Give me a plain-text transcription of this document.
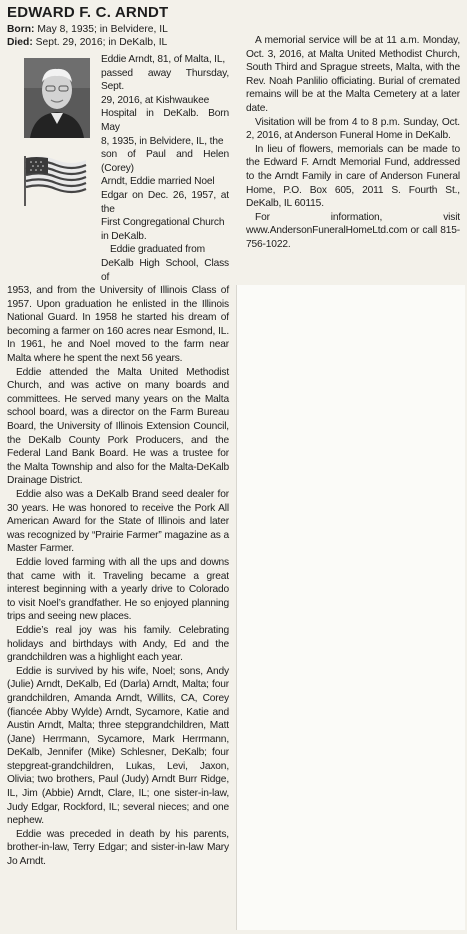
EDWARD F. C. ARNDT
Born: May 8, 1935; in Belvidere, IL
Died: Sept. 29, 2016; in DeKalb, IL

Eddie Arndt, 81, of Malta, IL,

passed away Thursday, Sept.

29, 2016, at Kishwaukee

Hospital in DeKalb. Born May

8, 1935, in Belvidere, IL, the

son of Paul and Helen (Corey)

Arndt, Eddie married Noel

Edgar on Dec. 26, 1957, at the

First Congregational Church

in DeKalb.

Eddie graduated from

DeKalb High School, Class of

1953, and from the University of Illinois Class of 1957. Upon graduation he enlisted in the Illinois National Guard. In 1958 he started his dream of becoming a farmer on 160 acres near Esmond, IL. In 1961, he and Noel moved to the farm near Malta where he spent the next 56 years.

Eddie attended the Malta United Methodist Church, and was active on many boards and committees. He served many years on the Malta school board, was a director on the Farm Bureau Board, the University of Illinois Extension Council, the DeKalb County Pork Producers, and the Federal Land Bank Board. He was a trustee for the Malta Township and also for the Malta-DeKalb Drainage District.

Eddie also was a DeKalb Brand seed dealer for 30 years. He was honored to receive the Pork All American Award for the State of Illinois and later was recognized by “Prairie Farmer” magazine as a Master Farmer.

Eddie loved farming with all the ups and downs that came with it. Traveling became a great interest beginning with a yearly drive to Colorado to visit Noel’s grandfather. He so enjoyed planning trips and seeing new places.

Eddie’s real joy was his family. Celebrating holidays and birthdays with Andy, Ed and the grandchildren was a highlight each year.

Eddie is survived by his wife, Noel; sons, Andy (Julie) Arndt, DeKalb, Ed (Darla) Arndt, Malta; four grandchildren, Amanda Arndt, Willits, CA, Corey (fiancée Abby Wylde) Arndt, Sycamore, Katie and Austin Arndt, Malta; three stepgrandchildren, Matt (Jane) Herrmann, Sycamore, Mark Herrmann, DeKalb, Jennifer (Mike) Schlesner, DeKalb; four stepgreat-grandchildren, Lukas, Levi, Jaxon, Olivia; two brothers, Paul (Judy) Arndt Burr Ridge, IL, Jim (Abbie) Arndt, Clare, IL; one sister-in-law, Judy Edgar, Rockford, IL; several nieces; and one nephew.

Eddie was preceded in death by his parents, brother-in-law, Terry Edgar; and sister-in-law Mary Jo Arndt.

A memorial service will be at 11 a.m. Monday, Oct. 3, 2016, at Malta United Methodist Church, South Third and Sprague streets, Malta, with the Rev. Noah Panlilio officiating. Burial of cremated remains will be at the Malta Cemetery at a later date.

Visitation will be from 4 to 8 p.m. Sunday, Oct. 2, 2016, at Anderson Funeral Home in DeKalb.

In lieu of flowers, memorials can be made to the Edward F. Arndt Memorial Fund, addressed to the Arndt Family in care of Anderson Funeral Home, P.O. Box 605, 2011 S. Fourth St., DeKalb, IL 60115.

For information, visit www.AndersonFuneralHomeLtd.com or call 815-756-1022.
